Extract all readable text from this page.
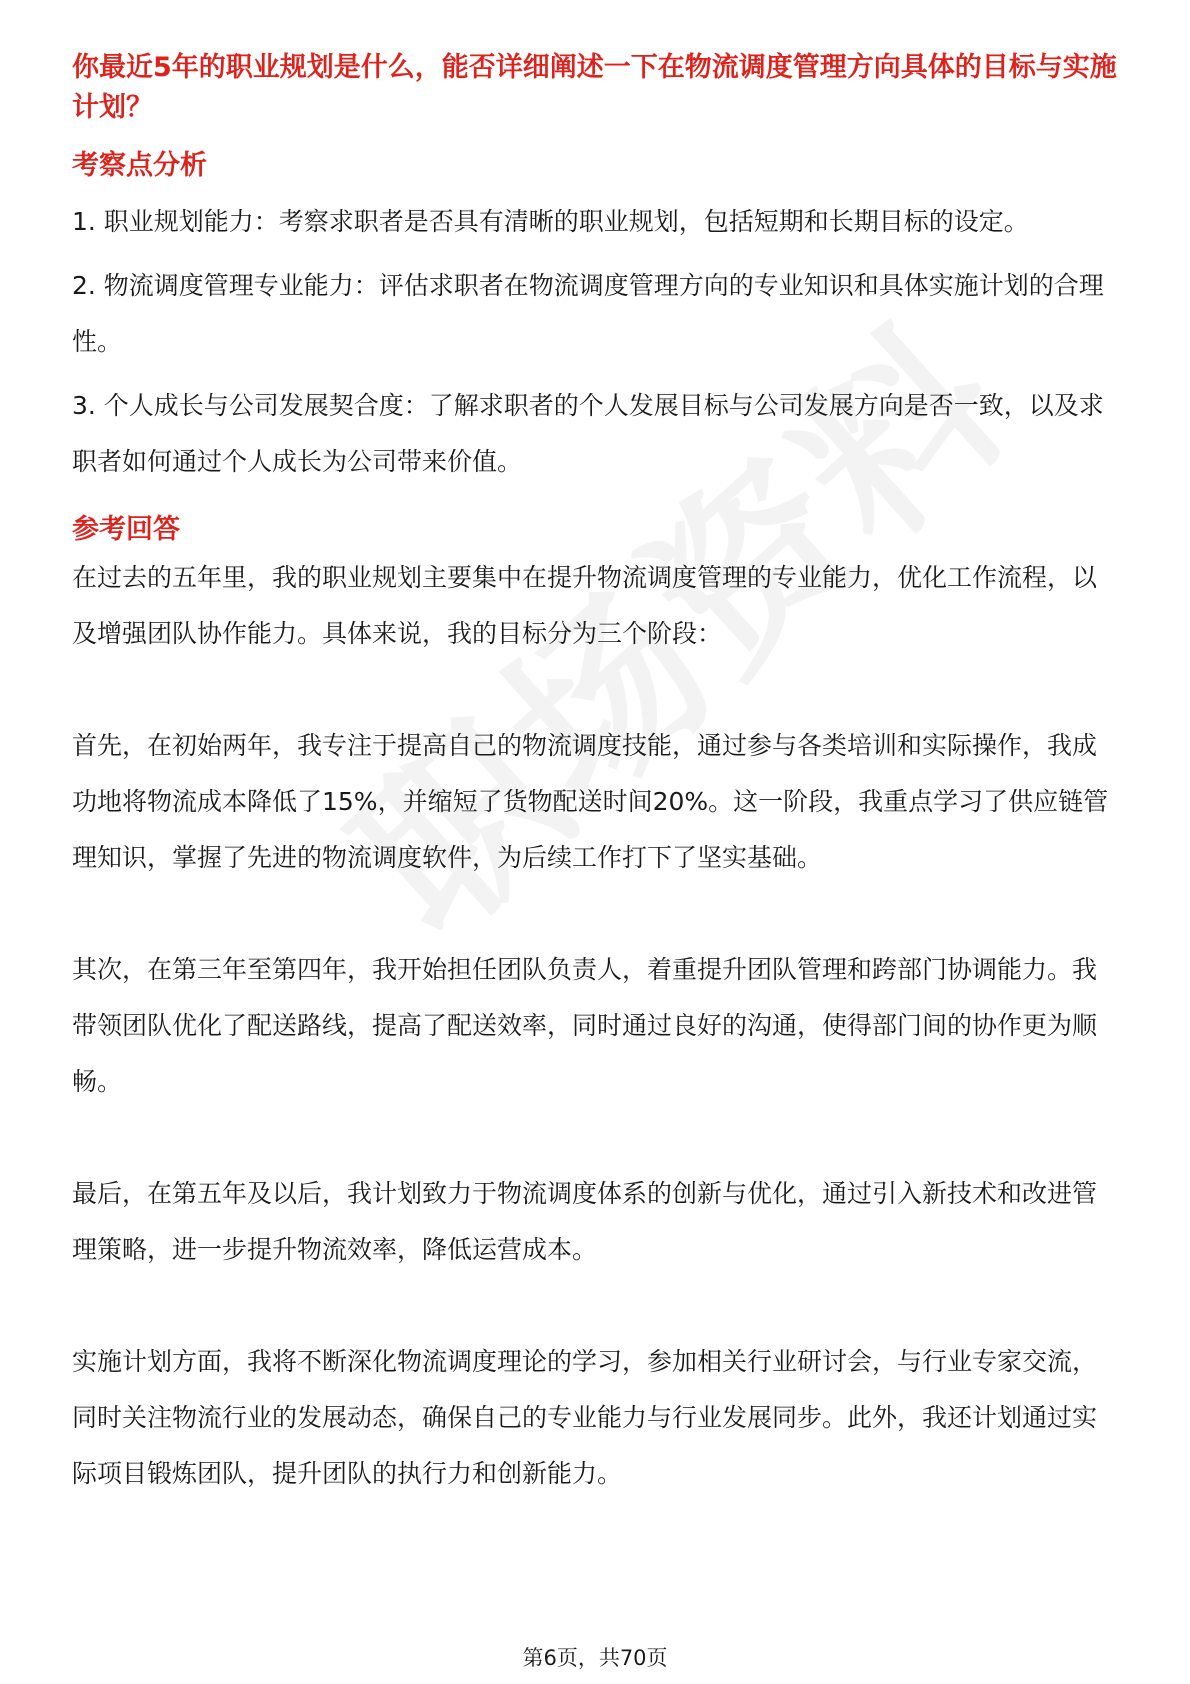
你最近5年的职业规划是什么，能否详细阐述一下在物流调度管理方向具体的目标与实施计划？

考察点分析

1. 职业规划能力：考察求职者是否具有清晰的职业规划，包括短期和长期目标的设定。

2. 物流调度管理专业能力：评估求职者在物流调度管理方向的专业知识和具体实施计划的合理性。

3. 个人成长与公司发展契合度：了解求职者的个人发展目标与公司发展方向是否一致，以及求职者如何通过个人成长为公司带来价值。

参考回答

在过去的五年里，我的职业规划主要集中在提升物流调度管理的专业能力，优化工作流程，以及增强团队协作能力。具体来说，我的目标分为三个阶段：

首先，在初始两年，我专注于提高自己的物流调度技能，通过参与各类培训和实际操作，我成功地将物流成本降低了15%，并缩短了货物配送时间20%。这一阶段，我重点学习了供应链管理知识，掌握了先进的物流调度软件，为后续工作打下了坚实基础。

其次，在第三年至第四年，我开始担任团队负责人，着重提升团队管理和跨部门协调能力。我带领团队优化了配送路线，提高了配送效率，同时通过良好的沟通，使得部门间的协作更为顺畅。

最后，在第五年及以后，我计划致力于物流调度体系的创新与优化，通过引入新技术和改进管理策略，进一步提升物流效率，降低运营成本。

实施计划方面，我将不断深化物流调度理论的学习，参加相关行业研讨会，与行业专家交流，同时关注物流行业的发展动态，确保自己的专业能力与行业发展同步。此外，我还计划通过实际项目锻炼团队，提升团队的执行力和创新能力。

第6页，共70页
